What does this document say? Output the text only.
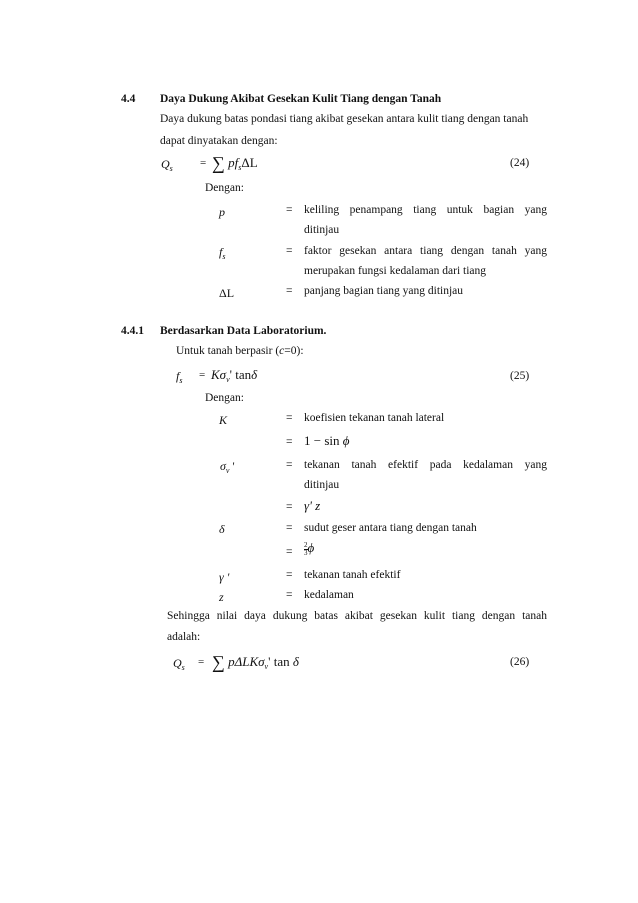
4.4 Daya Dukung Akibat Gesekan Kulit Tiang dengan Tanah
Daya dukung batas pondasi tiang akibat gesekan antara kulit tiang dengan tanah
dapat dinyatakan dengan:
$Q_s$ = ∑ $pf_s\Delta L$	(24)
Dengan:
p	= keliling penampang tiang untuk bagian yang
ditinjau
$f_s$	= faktor gesekan antara tiang dengan tanah yang
merupakan fungsi kedalaman dari tiang
ΔL	= panjang bagian tiang yang ditinjau
4.4.1 Berdasarkan Data Laboratorium.
Untuk tanah berpasir (c=0):
$f_s = K\sigma_v'$ tanδ	(25)
Dengan:
K	= koefisien tekanan tanah lateral
= 1 − sin ϕ
$\sigma_v$ '	= tekanan tanah efektif pada kedalaman yang
ditinjau
= γ' z
δ	= sudut geser antara tiang dengan tanah
= $\frac{2}{3}$ ϕ
γ '	= tekanan tanah efektif
z	= kedalaman
Sehingga nilai daya dukung batas akibat gesekan kulit tiang dengan tanah
adalah:
$Q_s$ = ∑ pΔLKσ$_v$' tan δ	(26)
